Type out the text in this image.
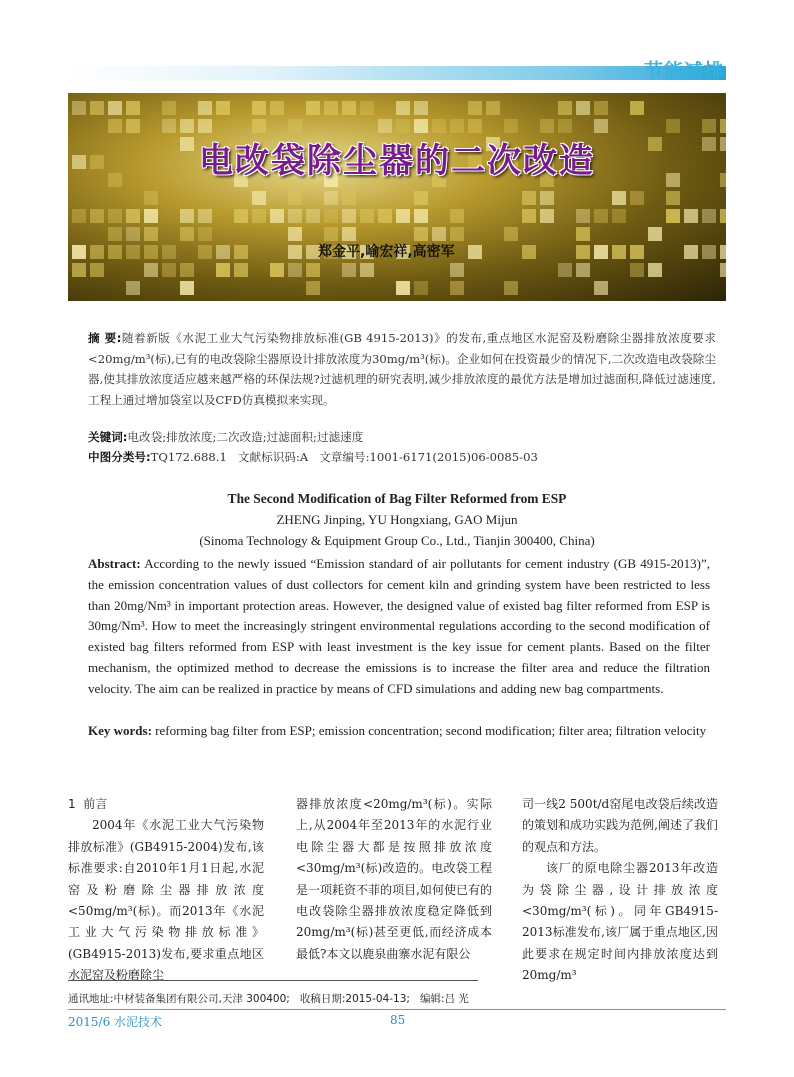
节能减排
电改袋除尘器的二次改造
郑金平,喻宏祥,高密军
摘 要:随着新版《水泥工业大气污染物排放标准(GB 4915-2013)》的发布,重点地区水泥窑及粉磨除尘器排放浓度要求<20mg/m³(标),已有的电改袋除尘器原设计排放浓度为30mg/m³(标)。企业如何在投资最少的情况下,二次改造电改袋除尘器,使其排放浓度适应越来越严格的环保法规?过滤机理的研究表明,减少排放浓度的最优方法是增加过滤面积,降低过滤速度,工程上通过增加袋室以及CFD仿真模拟来实现。
关键词:电改袋;排放浓度;二次改造;过滤面积;过滤速度
中图分类号:TQ172.688.1   文献标识码:A   文章编号:1001-6171(2015)06-0085-03
The Second Modification of Bag Filter Reformed from ESP
ZHENG Jinping, YU Hongxiang, GAO Mijun
(Sinoma Technology & Equipment Group Co., Ltd., Tianjin 300400, China)
Abstract: According to the newly issued “Emission standard of air pollutants for cement industry (GB 4915-2013)”, the emission concentration values of dust collectors for cement kiln and grinding system have been restricted to less than 20mg/Nm³ in important protection areas. However, the designed value of existed bag filter reformed from ESP is 30mg/Nm³. How to meet the increasingly stringent environmental regulations according to the second modification of existed bag filters reformed from ESP with least investment is the key issue for cement plants. Based on the filter mechanism, the optimized method to decrease the emissions is to increase the filter area and reduce the filtration velocity. The aim can be realized in practice by means of CFD simulations and adding new bag compartments.
Key words: reforming bag filter from ESP; emission concentration; second modification; filter area; filtration velocity

1  前言

2004年《水泥工业大气污染物排放标准》(GB4915-2004)发布,该标准要求:自2010年1月1日起,水泥窑及粉磨除尘器排放浓度<50mg/m³(标)。而2013年《水泥工业大气污染物排放标准》(GB4915-2013)发布,要求重点地区水泥窑及粉磨除尘

器排放浓度<20mg/m³(标)。实际上,从2004年至2013年的水泥行业电除尘器大都是按照排放浓度<30mg/m³(标)改造的。电改袋工程是一项耗资不菲的项目,如何使已有的电改袋除尘器排放浓度稳定降低到20mg/m³(标)甚至更低,而经济成本最低?本文以鹿泉曲寨水泥有限公

司一线2 500t/d窑尾电改袋后续改造的策划和成功实践为范例,阐述了我们的观点和方法。

该厂的原电除尘器2013年改造为袋除尘器,设计排放浓度<30mg/m³(标)。同年GB4915-2013标准发布,该厂属于重点地区,因此要求在规定时间内排放浓度达到20mg/m³

通讯地址:中材装备集团有限公司,天津 300400;   收稿日期:2015-04-13;   编辑:吕 光
2015/6 水泥技术	85
